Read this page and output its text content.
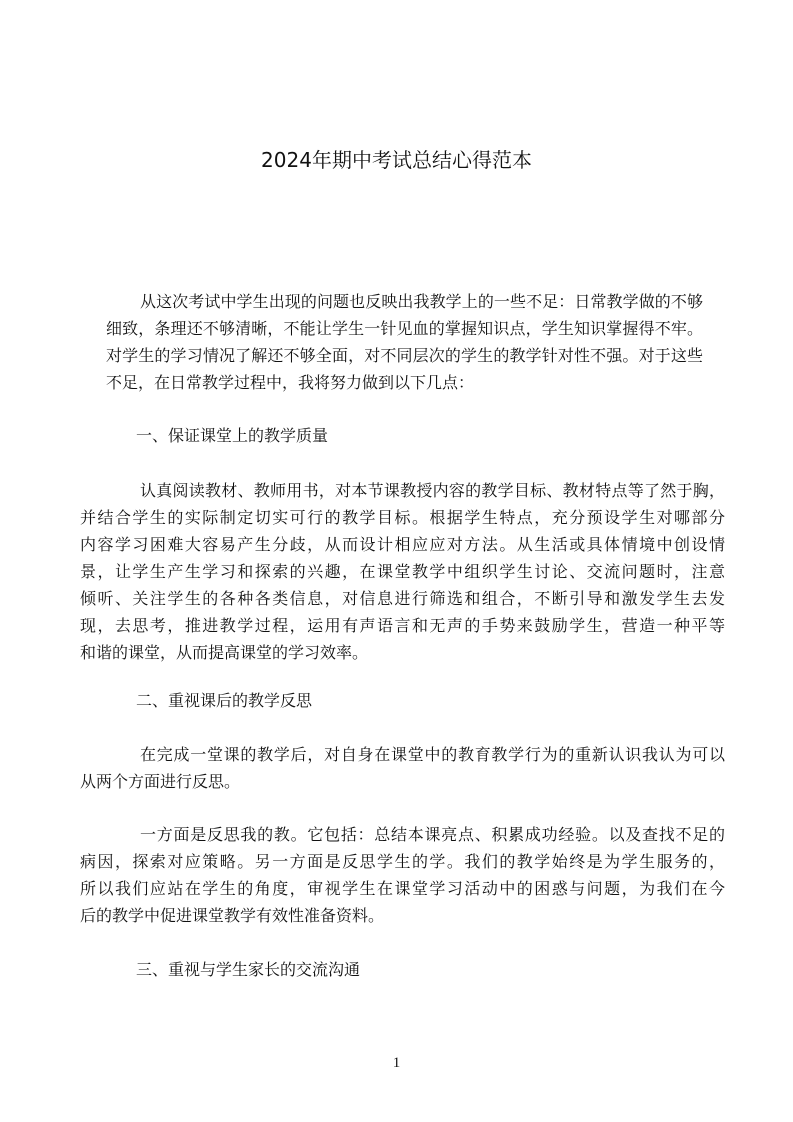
2024年期中考试总结心得范本
从这次考试中学生出现的问题也反映出我教学上的一些不足：日常教学做的不够
细致，条理还不够清晰，不能让学生一针见血的掌握知识点，学生知识掌握得不牢。
对学生的学习情况了解还不够全面，对不同层次的学生的教学针对性不强。对于这些
不足，在日常教学过程中，我将努力做到以下几点：
一、保证课堂上的教学质量
认真阅读教材、教师用书，对本节课教授内容的教学目标、教材特点等了然于胸，
并结合学生的实际制定切实可行的教学目标。根据学生特点，充分预设学生对哪部分
内容学习困难大容易产生分歧，从而设计相应应对方法。从生活或具体情境中创设情
景，让学生产生学习和探索的兴趣，在课堂教学中组织学生讨论、交流问题时，注意
倾听、关注学生的各种各类信息，对信息进行筛选和组合，不断引导和激发学生去发
现，去思考，推进教学过程，运用有声语言和无声的手势来鼓励学生，营造一种平等
和谐的课堂，从而提高课堂的学习效率。
二、重视课后的教学反思
在完成一堂课的教学后，对自身在课堂中的教育教学行为的重新认识我认为可以
从两个方面进行反思。
一方面是反思我的教。它包括：总结本课亮点、积累成功经验。以及查找不足的
病因，探索对应策略。另一方面是反思学生的学。我们的教学始终是为学生服务的，
所以我们应站在学生的角度，审视学生在课堂学习活动中的困惑与问题，为我们在今
后的教学中促进课堂教学有效性准备资料。
三、重视与学生家长的交流沟通
1
